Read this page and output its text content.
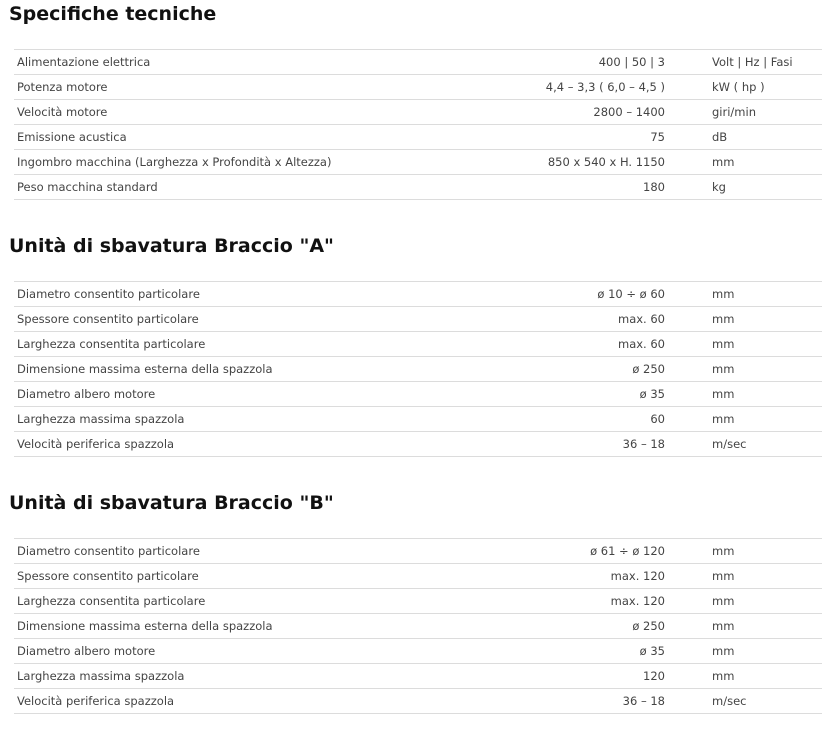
Specifiche tecniche
Alimentazione elettrica	400 | 50 | 3	Volt | Hz | Fasi
Potenza motore	4,4 – 3,3 ( 6,0 – 4,5 )	kW ( hp )
Velocità motore	2800 – 1400	giri/min
Emissione acustica	75	dB
Ingombro macchina (Larghezza x Profondità x Altezza)	850 x 540 x H. 1150	mm
Peso macchina standard	180	kg
Unità di sbavatura Braccio "A"
Diametro consentito particolare	ø 10 ÷ ø 60	mm
Spessore consentito particolare	max. 60	mm
Larghezza consentita particolare	max. 60	mm
Dimensione massima esterna della spazzola	ø 250	mm
Diametro albero motore	ø 35	mm
Larghezza massima spazzola	60	mm
Velocità periferica spazzola	36 – 18	m/sec
Unità di sbavatura Braccio "B"
Diametro consentito particolare	ø 61 ÷ ø 120	mm
Spessore consentito particolare	max. 120	mm
Larghezza consentita particolare	max. 120	mm
Dimensione massima esterna della spazzola	ø 250	mm
Diametro albero motore	ø 35	mm
Larghezza massima spazzola	120	mm
Velocità periferica spazzola	36 – 18	m/sec
